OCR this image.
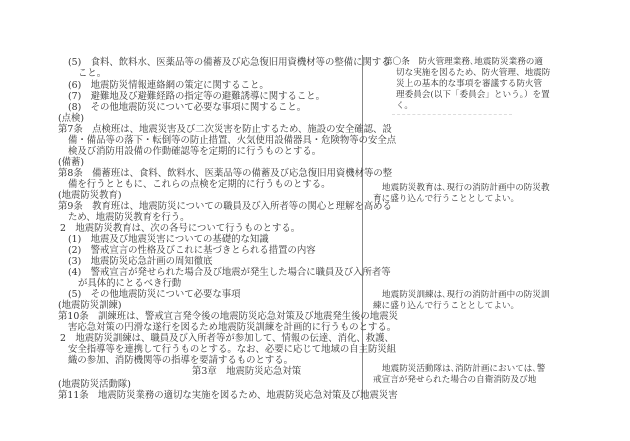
(5)　食料、飲料水、医薬品等の備蓄及び応急復旧用資機材等の整備に関する
こと。
(6)　地震防災情報連絡網の策定に関すること。
(7)　避難地及び避難経路の指定等の避難誘導に関すること。
(8)　その他地震防災について必要な事項に関すること。
(点検)
第7条　点検班は、地震災害及び二次災害を防止するため、施設の安全確認、設
備・備品等の落下・転倒等の防止措置、火気使用設備器具・危険物等の安全点
検及び消防用設備の作動確認等を定期的に行うものとする。
(備蓄)
第8条　備蓄班は、食料、飲料水、医薬品等の備蓄及び応急復旧用資機材等の整
備を行うとともに、これらの点検を定期的に行うものとする。
(地震防災教育)
第9条　教育班は、地震防災についての職員及び入所者等の関心と理解を高める
ため、地震防災教育を行う。
2　地震防災教育は、次の各号について行うものとする。
(1)　地震及び地震災害についての基礎的な知識
(2)　警戒宣言の性格及びこれに基づきとられる措置の内容
(3)　地震防災応急計画の周知徹底
(4)　警戒宣言が発せられた場合及び地震が発生した場合に職員及び入所者等
が具体的にとるべき行動
(5)　その他地震防災について必要な事項
(地震防災訓練)
第10条　訓練班は、警戒宣言発令後の地震防災応急対策及び地震発生後の地震災
害応急対策の円滑な遂行を図るため地震防災訓練を計画的に行うものとする。
2　地震防災訓練は、職員及び入所者等が参加して、情報の伝達、消化、救護、
安全指導等を連携して行うものとする。なお、必要に応じて地域の自主防災組
織の参加、消防機関等の指導を要請するものとする。
第3章　地震防災応急対策
(地震防災活動隊)
第11条　地震防災業務の適切な実施を図るため、地震防災応急対策及び地震災害
第〇条　防火管理業務､地震防災業務の適
切な実施を図るため、防火管理、地震防
災上の基本的な事項を審議する防火管
理委員会(以下「委員会」という。）を置
く。
地震防災教育は､現行の消防計画中の防災教
育に盛り込んで行うこととしてよい。
地震防災訓練は､現行の消防計画中の防災訓
練に盛り込んで行うこととしてよい。
地震防災活動隊は､消防計画においては､警
戒宣言が発せられた場合の自衛消防及び地
